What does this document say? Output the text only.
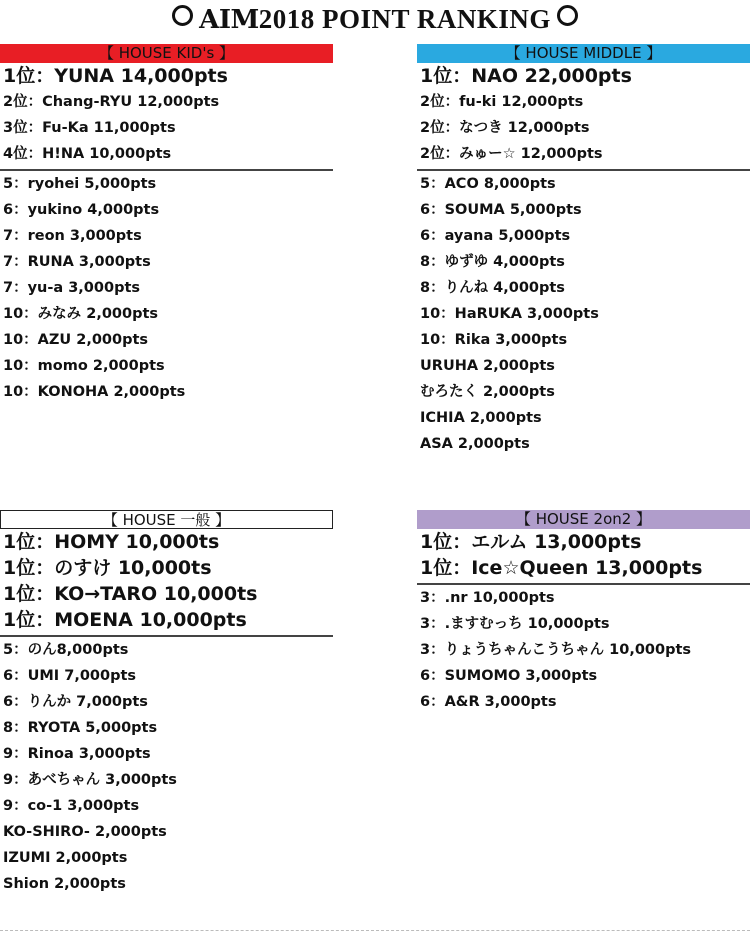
AIM2018 POINT RANKING
【 HOUSE KID's 】
1位：YUNA 14,000pts
2位：Chang-RYU 12,000pts
3位：Fu-Ka 11,000pts
4位：H!NA 10,000pts
5：ryohei 5,000pts
6：yukino 4,000pts
7：reon 3,000pts
7：RUNA 3,000pts
7：yu-a 3,000pts
10：みなみ 2,000pts
10：AZU 2,000pts
10：momo 2,000pts
10：KONOHA 2,000pts
【 HOUSE MIDDLE 】
1位：NAO 22,000pts
2位：fu-ki 12,000pts
2位：なつき 12,000pts
2位：みゅー☆ 12,000pts
5：ACO 8,000pts
6：SOUMA 5,000pts
6：ayana 5,000pts
8：ゆずゆ 4,000pts
8：りんね 4,000pts
10：HaRUKA 3,000pts
10：Rika 3,000pts
URUHA 2,000pts
むろたく 2,000pts
ICHIA 2,000pts
ASA 2,000pts
【 HOUSE 一般 】
1位：HOMY 10,000ts
1位：のすけ 10,000ts
1位：KO→TARO 10,000ts
1位：MOENA 10,000pts
5：のん8,000pts
6：UMI 7,000pts
6：りんか 7,000pts
8：RYOTA 5,000pts
9：Rinoa 3,000pts
9：あべちゃん 3,000pts
9：co-1 3,000pts
KO-SHIRO- 2,000pts
IZUMI 2,000pts
Shion 2,000pts
【 HOUSE 2on2 】
1位：エルム 13,000pts
1位：Ice☆Queen 13,000pts
3：.nr 10,000pts
3：.ますむっち 10,000pts
3：りょうちゃんこうちゃん 10,000pts
6：SUMOMO 3,000pts
6：A&R 3,000pts
